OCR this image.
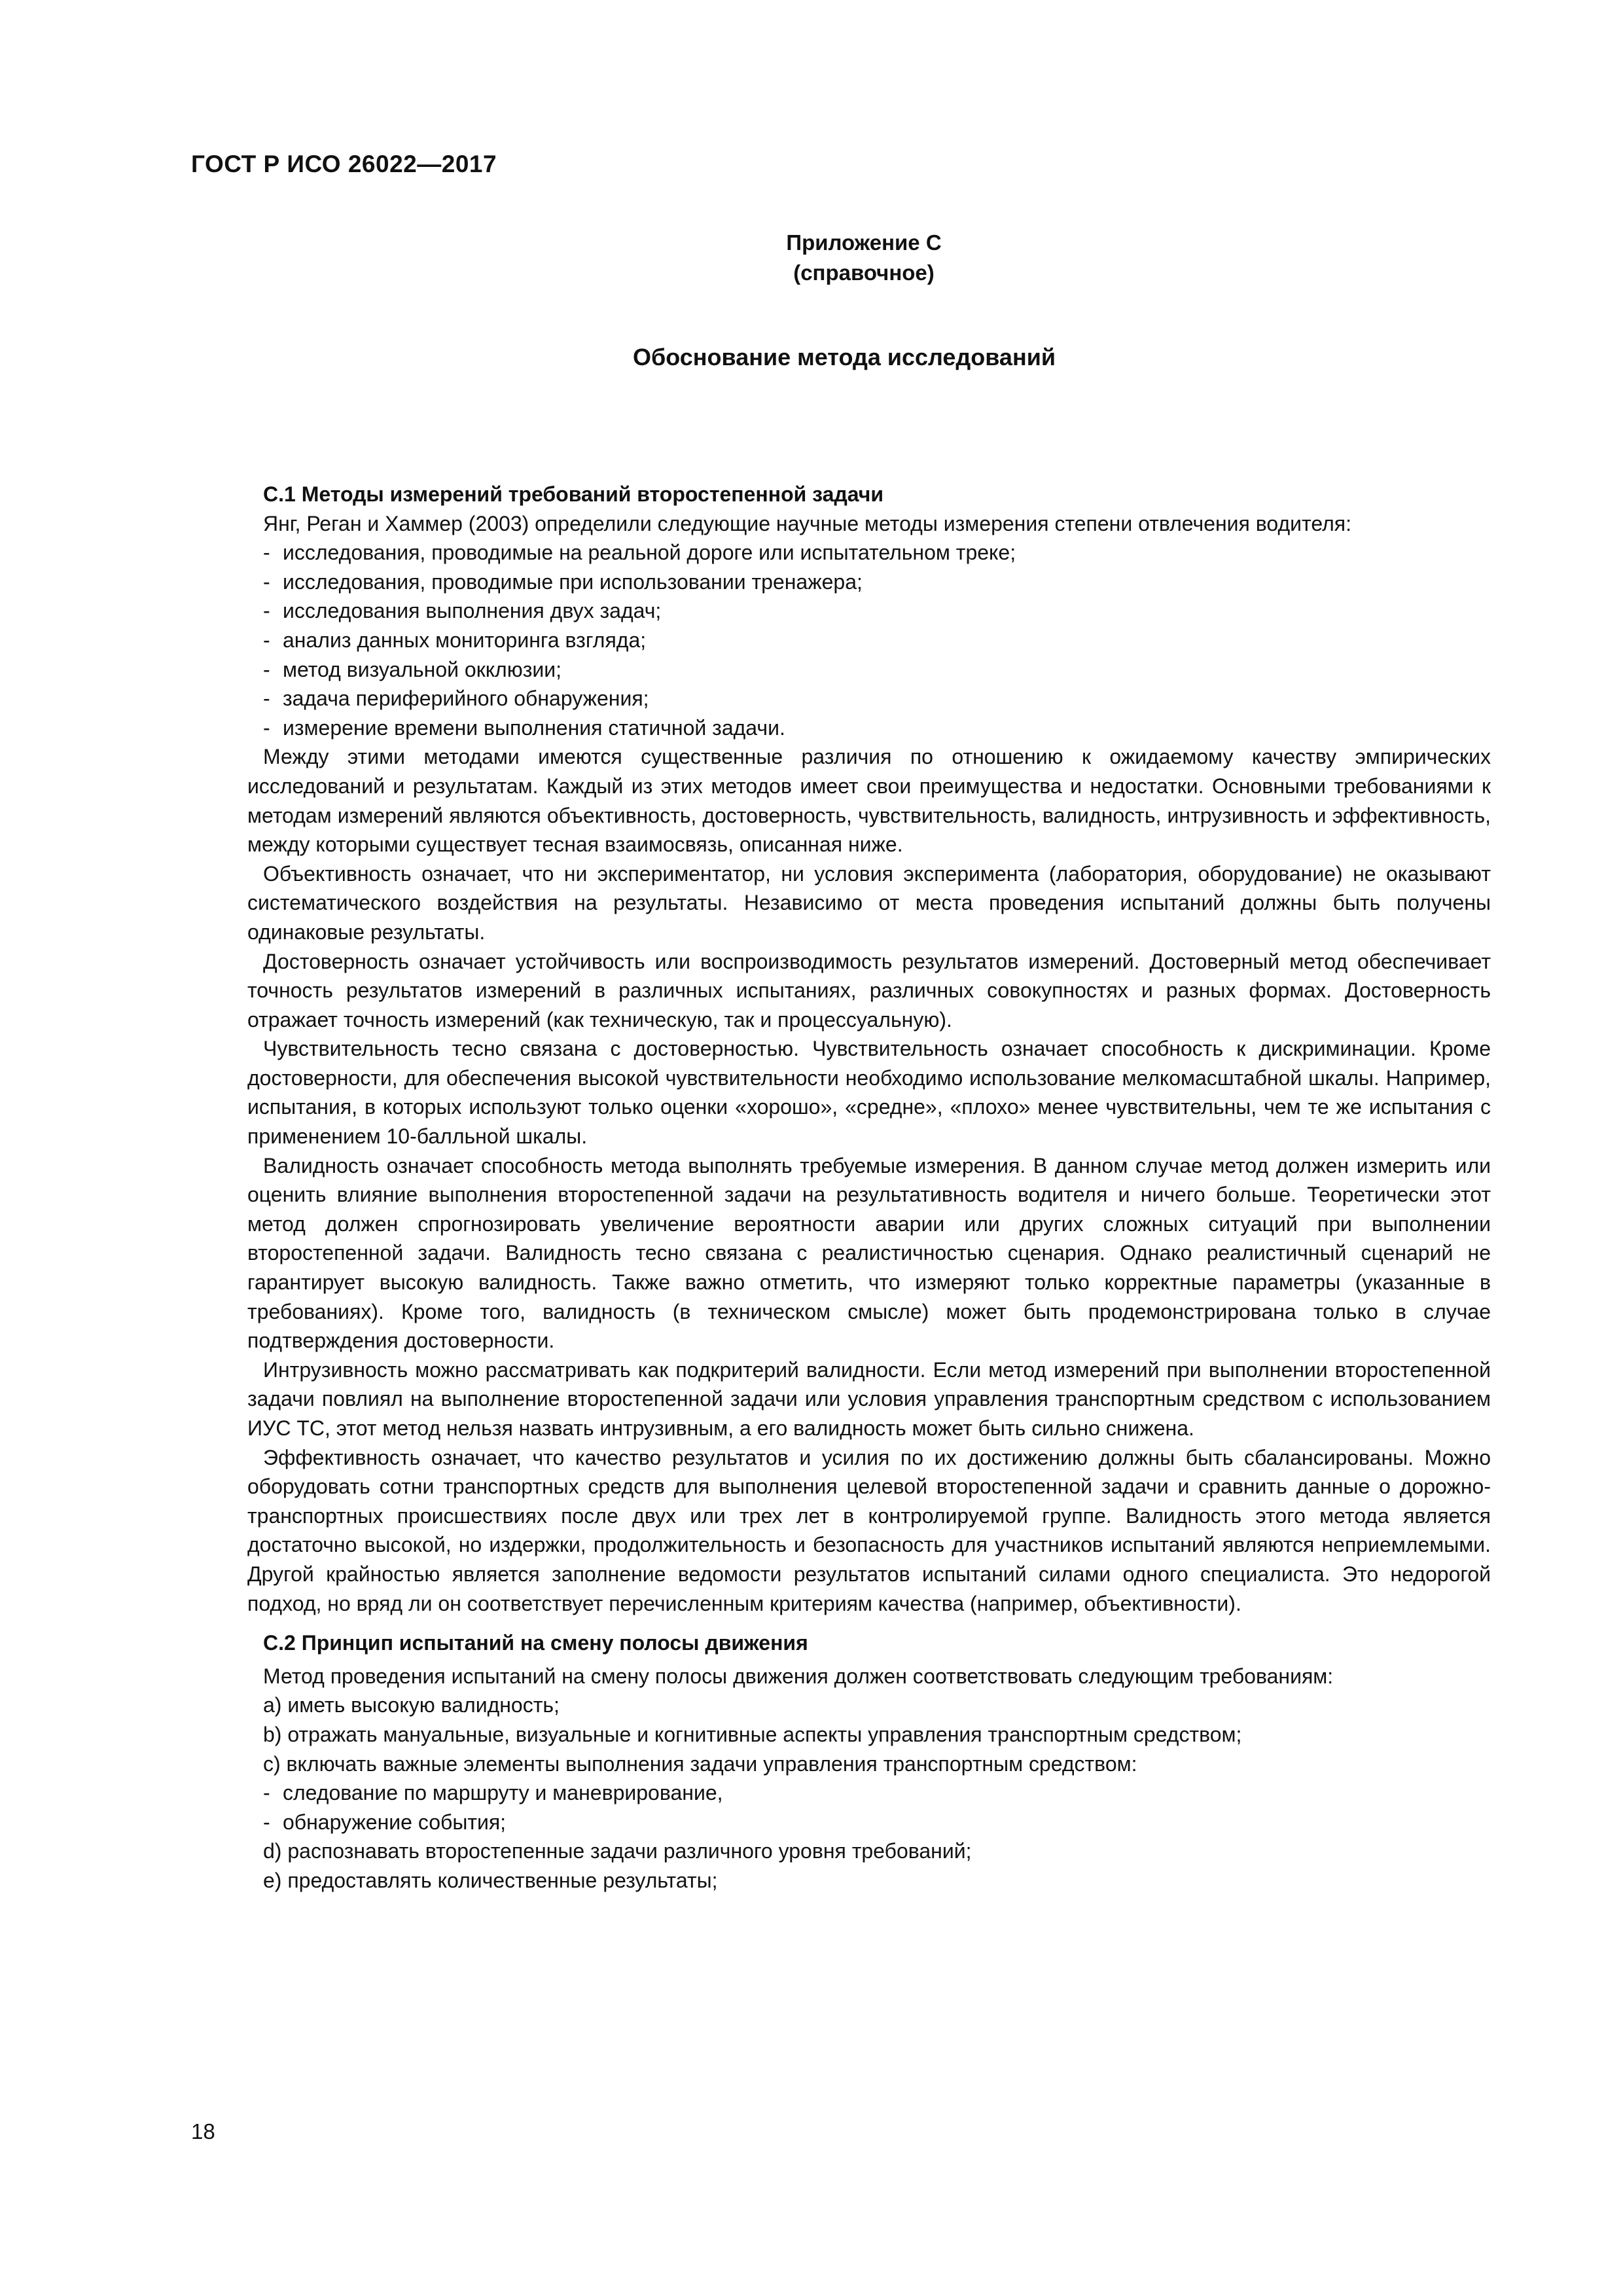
ГОСТ Р ИСО 26022—2017
Приложение С
(справочное)
Обоснование метода исследований

С.1 Методы измерений требований второстепенной задачи

Янг, Реган и Хаммер (2003) определили следующие научные методы измерения степени отвлечения водителя:

- исследования, проводимые на реальной дороге или испытательном треке;
- исследования, проводимые при использовании тренажера;
- исследования выполнения двух задач;
- анализ данных мониторинга взгляда;
- метод визуальной окклюзии;
- задача периферийного обнаружения;
- измерение времени выполнения статичной задачи.

Между этими методами имеются существенные различия по отношению к ожидаемому качеству эмпирических исследований и результатам. Каждый из этих методов имеет свои преимущества и недостатки. Основными требованиями к методам измерений являются объективность, достоверность, чувствительность, валидность, интрузивность и эффективность, между которыми существует тесная взаимосвязь, описанная ниже.

Объективность означает, что ни экспериментатор, ни условия эксперимента (лаборатория, оборудование) не оказывают систематического воздействия на результаты. Независимо от места проведения испытаний должны быть получены одинаковые результаты.

Достоверность означает устойчивость или воспроизводимость результатов измерений. Достоверный метод обеспечивает точность результатов измерений в различных испытаниях, различных совокупностях и разных формах. Достоверность отражает точность измерений (как техническую, так и процессуальную).

Чувствительность тесно связана с достоверностью. Чувствительность означает способность к дискриминации. Кроме достоверности, для обеспечения высокой чувствительности необходимо использование мелкомасштабной шкалы. Например, испытания, в которых используют только оценки «хорошо», «средне», «плохо» менее чувствительны, чем те же испытания с применением 10-балльной шкалы.

Валидность означает способность метода выполнять требуемые измерения. В данном случае метод должен измерить или оценить влияние выполнения второстепенной задачи на результативность водителя и ничего больше. Теоретически этот метод должен спрогнозировать увеличение вероятности аварии или других сложных ситуаций при выполнении второстепенной задачи. Валидность тесно связана с реалистичностью сценария. Однако реалистичный сценарий не гарантирует высокую валидность. Также важно отметить, что измеряют только корректные параметры (указанные в требованиях). Кроме того, валидность (в техническом смысле) может быть продемонстрирована только в случае подтверждения достоверности.

Интрузивность можно рассматривать как подкритерий валидности. Если метод измерений при выполнении второстепенной задачи повлиял на выполнение второстепенной задачи или условия управления транспортным средством с использованием ИУС ТС, этот метод нельзя назвать интрузивным, а его валидность может быть сильно снижена.

Эффективность означает, что качество результатов и усилия по их достижению должны быть сбалансированы. Можно оборудовать сотни транспортных средств для выполнения целевой второстепенной задачи и сравнить данные о дорожно-транспортных происшествиях после двух или трех лет в контролируемой группе. Валидность этого метода является достаточно высокой, но издержки, продолжительность и безопасность для участников испытаний являются неприемлемыми. Другой крайностью является заполнение ведомости результатов испытаний силами одного специалиста. Это недорогой подход, но вряд ли он соответствует перечисленным критериям качества (например, объективности).

С.2 Принцип испытаний на смену полосы движения

Метод проведения испытаний на смену полосы движения должен соответствовать следующим требованиям:

a) иметь высокую валидность;
b) отражать мануальные, визуальные и когнитивные аспекты управления транспортным средством;
c) включать важные элементы выполнения задачи управления транспортным средством:
- следование по маршруту и маневрирование,
- обнаружение события;
d) распознавать второстепенные задачи различного уровня требований;
e) предоставлять количественные результаты;
18
